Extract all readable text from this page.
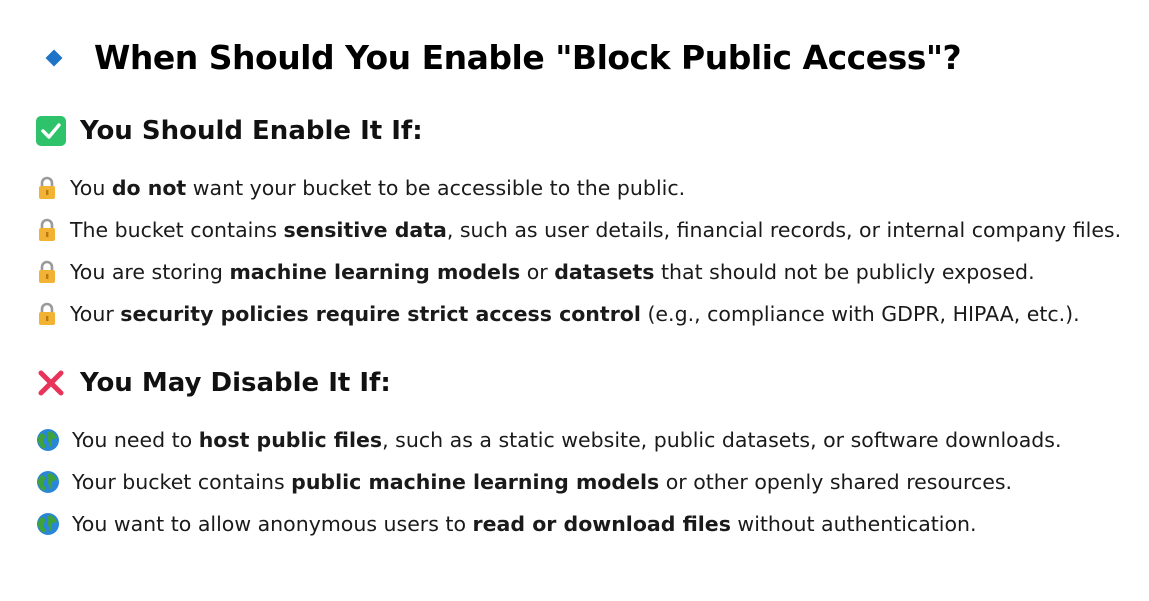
When Should You Enable "Block Public Access"?
You Should Enable It If:
You do not want your bucket to be accessible to the public.
The bucket contains sensitive data, such as user details, financial records, or internal company files.
You are storing machine learning models or datasets that should not be publicly exposed.
Your security policies require strict access control (e.g., compliance with GDPR, HIPAA, etc.).
You May Disable It If:
You need to host public files, such as a static website, public datasets, or software downloads.
Your bucket contains public machine learning models or other openly shared resources.
You want to allow anonymous users to read or download files without authentication.
